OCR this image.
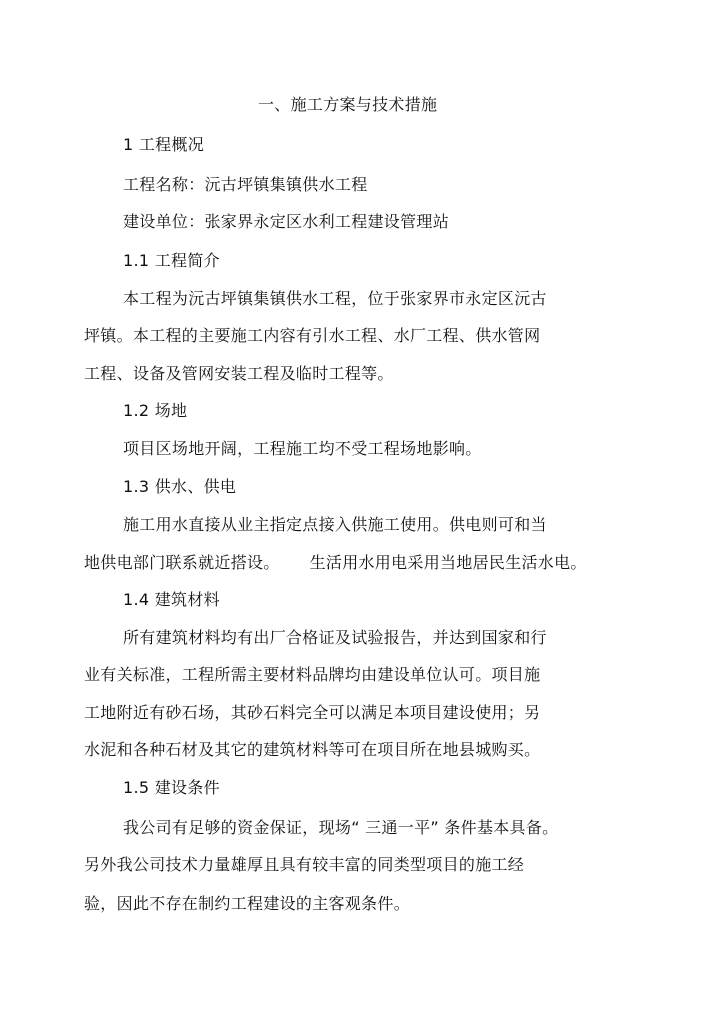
一、施工方案与技术措施
1 工程概况
工程名称：沅古坪镇集镇供水工程
建设单位：张家界永定区水利工程建设管理站
1.1 工程简介
本工程为沅古坪镇集镇供水工程，位于张家界市永定区沅古
坪镇。本工程的主要施工内容有引水工程、水厂工程、供水管网
工程、设备及管网安装工程及临时工程等。
1.2 场地
项目区场地开阔，工程施工均不受工程场地影响。
1.3 供水、供电
施工用水直接从业主指定点接入供施工使用。供电则可和当
地供电部门联系就近搭设。 生活用水用电采用当地居民生活水电。
1.4 建筑材料
所有建筑材料均有出厂合格证及试验报告，并达到国家和行
业有关标准，工程所需主要材料品牌均由建设单位认可。项目施
工地附近有砂石场，其砂石料完全可以满足本项目建设使用；另
水泥和各种石材及其它的建筑材料等可在项目所在地县城购买。
1.5 建设条件
我公司有足够的资金保证，现场“ 三通一平” 条件基本具备。
另外我公司技术力量雄厚且具有较丰富的同类型项目的施工经
验，因此不存在制约工程建设的主客观条件。
